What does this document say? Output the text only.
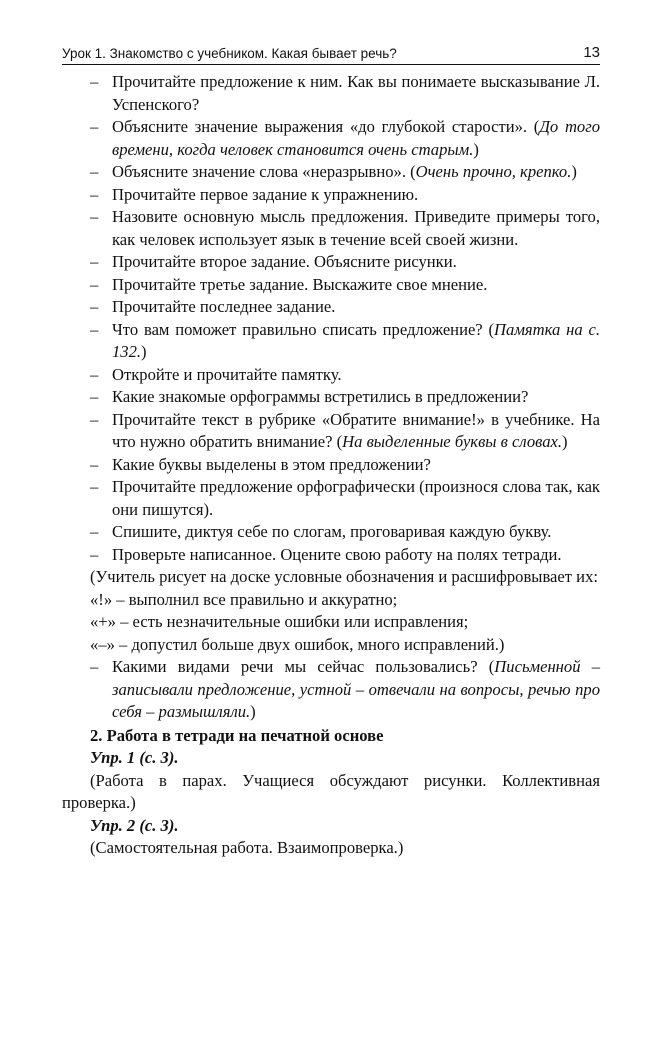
Урок 1. Знакомство с учебником. Какая бывает речь?	13
– Прочитайте предложение к ним. Как вы понимаете высказывание Л. Успенского?
– Объясните значение выражения «до глубокой старости». (До того времени, когда человек становится очень старым.)
– Объясните значение слова «неразрывно». (Очень прочно, крепко.)
– Прочитайте первое задание к упражнению.
– Назовите основную мысль предложения. Приведите примеры того, как человек использует язык в течение всей своей жизни.
– Прочитайте второе задание. Объясните рисунки.
– Прочитайте третье задание. Выскажите свое мнение.
– Прочитайте последнее задание.
– Что вам поможет правильно списать предложение? (Памятка на с. 132.)
– Откройте и прочитайте памятку.
– Какие знакомые орфограммы встретились в предложении?
– Прочитайте текст в рубрике «Обратите внимание!» в учебнике. На что нужно обратить внимание? (На выделенные буквы в словах.)
– Какие буквы выделены в этом предложении?
– Прочитайте предложение орфографически (произнося слова так, как они пишутся).
– Спишите, диктуя себе по слогам, проговаривая каждую букву.
– Проверьте написанное. Оцените свою работу на полях тетради.
(Учитель рисует на доске условные обозначения и расшифровывает их:
«!» – выполнил все правильно и аккуратно;
«+» – есть незначительные ошибки или исправления;
«–» – допустил больше двух ошибок, много исправлений.)
– Какими видами речи мы сейчас пользовались? (Письменной – записывали предложение, устной – отвечали на вопросы, речью про себя – размышляли.)
2. Работа в тетради на печатной основе
Упр. 1 (с. 3).
(Работа в парах. Учащиеся обсуждают рисунки. Коллективная проверка.)
Упр. 2 (с. 3).
(Самостоятельная работа. Взаимопроверка.)
